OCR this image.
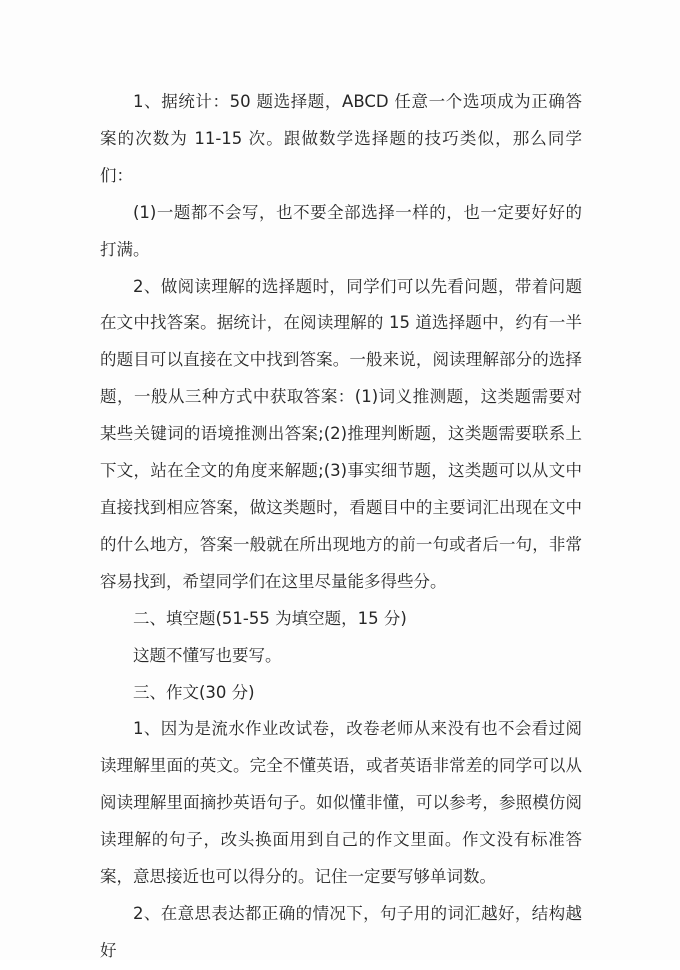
1、据统计：50 题选择题，ABCD 任意一个选项成为正确答案的次数为 11-15 次。跟做数学选择题的技巧类似，那么同学们：

(1)一题都不会写，也不要全部选择一样的，也一定要好好的打满。

2、做阅读理解的选择题时，同学们可以先看问题，带着问题在文中找答案。据统计，在阅读理解的 15 道选择题中，约有一半的题目可以直接在文中找到答案。一般来说，阅读理解部分的选择题，一般从三种方式中获取答案：(1)词义推测题，这类题需要对某些关键词的语境推测出答案;(2)推理判断题，这类题需要联系上下文，站在全文的角度来解题;(3)事实细节题，这类题可以从文中直接找到相应答案，做这类题时，看题目中的主要词汇出现在文中的什么地方，答案一般就在所出现地方的前一句或者后一句，非常容易找到，希望同学们在这里尽量能多得些分。

二、填空题(51-55 为填空题，15 分)

这题不懂写也要写。

三、作文(30 分)

1、因为是流水作业改试卷，改卷老师从来没有也不会看过阅读理解里面的英文。完全不懂英语，或者英语非常差的同学可以从阅读理解里面摘抄英语句子。如似懂非懂，可以参考，参照模仿阅读理解的句子，改头换面用到自己的作文里面。作文没有标准答案，意思接近也可以得分的。记住一定要写够单词数。

2、在意思表达都正确的情况下，句子用的词汇越好，结构越好
